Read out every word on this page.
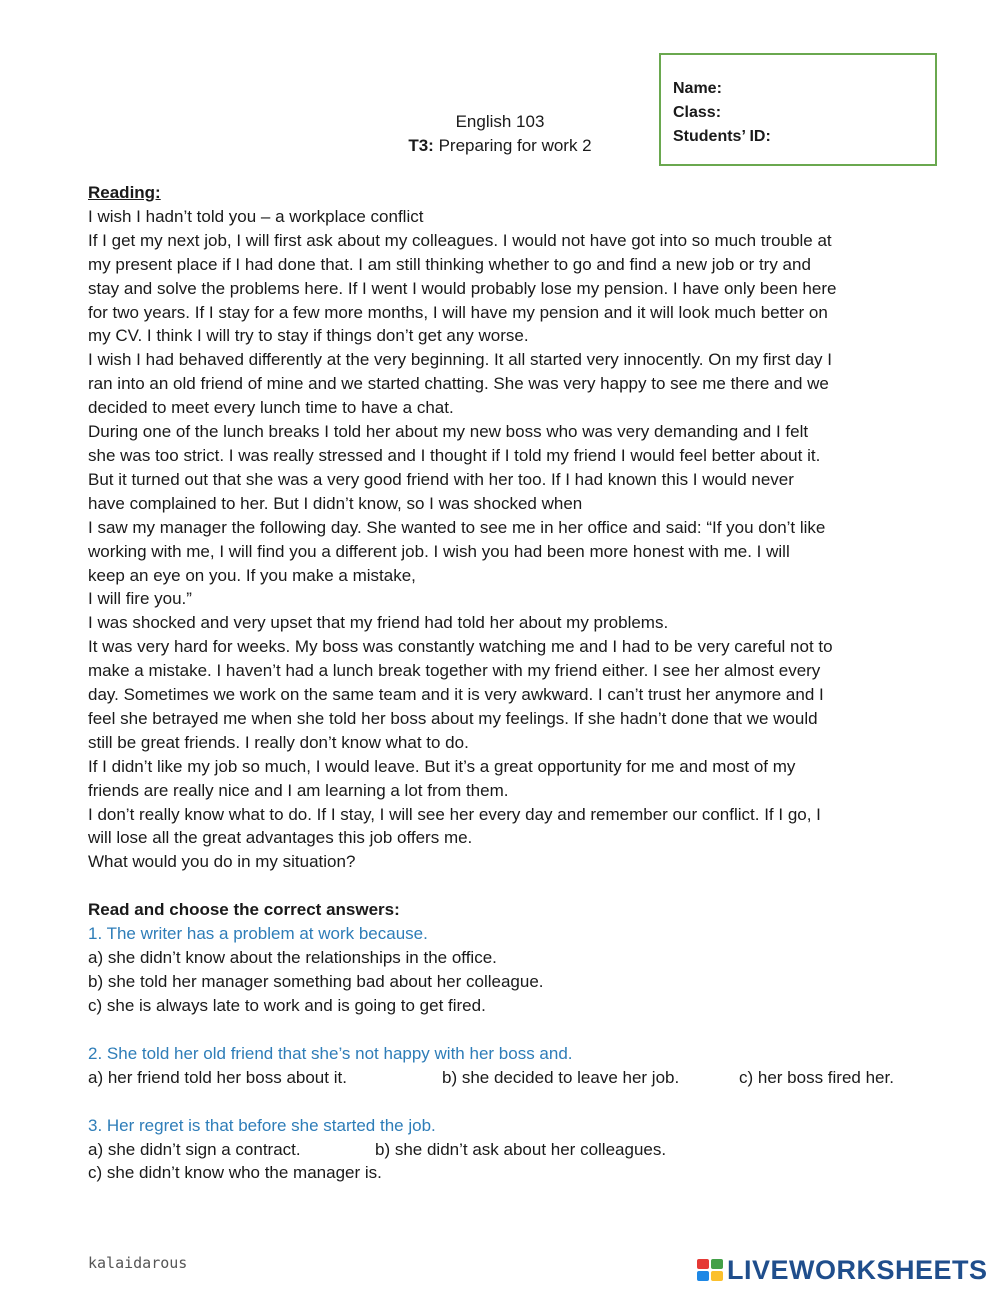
Name:
Class:
Students’ ID:
English 103
T3: Preparing for work 2
Reading:
I wish I hadn’t told you – a workplace conflict
If I get my next job, I will first ask about my colleagues. I would not have got into so much trouble at
my present place if I had done that. I am still thinking whether to go and find a new job or try and
stay and solve the problems here. If I went I would probably lose my pension. I have only been here
for two years. If I stay for a few more months, I will have my pension and it will look much better on
my CV. I think I will try to stay if things don’t get any worse.
I wish I had behaved differently at the very beginning. It all started very innocently. On my first day I
ran into an old friend of mine and we started chatting. She was very happy to see me there and we
decided to meet every lunch time to have a chat.
During one of the lunch breaks I told her about my new boss who was very demanding and I felt
she was too strict. I was really stressed and I thought if I told my friend I would feel better about it.
But it turned out that she was a very good friend with her too. If I had known this I would never
have complained to her. But I didn’t know, so I was shocked when
I saw my manager the following day. She wanted to see me in her office and said: “If you don’t like
working with me, I will find you a different job. I wish you had been more honest with me. I will
keep an eye on you. If you make a mistake,
I will fire you.”
I was shocked and very upset that my friend had told her about my problems.
It was very hard for weeks. My boss was constantly watching me and I had to be very careful not to
make a mistake. I haven’t had a lunch break together with my friend either. I see her almost every
day. Sometimes we work on the same team and it is very awkward. I can’t trust her anymore and I
feel she betrayed me when she told her boss about my feelings. If she hadn’t done that we would
still be great friends. I really don’t know what to do.
If I didn’t like my job so much, I would leave. But it’s a great opportunity for me and most of my
friends are really nice and I am learning a lot from them.
I don’t really know what to do. If I stay, I will see her every day and remember our conflict. If I go, I
will lose all the great advantages this job offers me.
What would you do in my situation?
Read and choose the correct answers:
1. The writer has a problem at work because.
a) she didn’t know about the relationships in the office.
b) she told her manager something bad about her colleague.
c) she is always late to work and is going to get fired.
2. She told her old friend that she’s not happy with her boss and.
a) her friend told her boss about it.	b) she decided to leave her job.	c) her boss fired her.
3. Her regret is that before she started the job.
a) she didn’t sign a contract.	b) she didn’t ask about her colleagues.
c) she didn’t know who the manager is.
kalaidarous	LIVEWORKSHEETS
